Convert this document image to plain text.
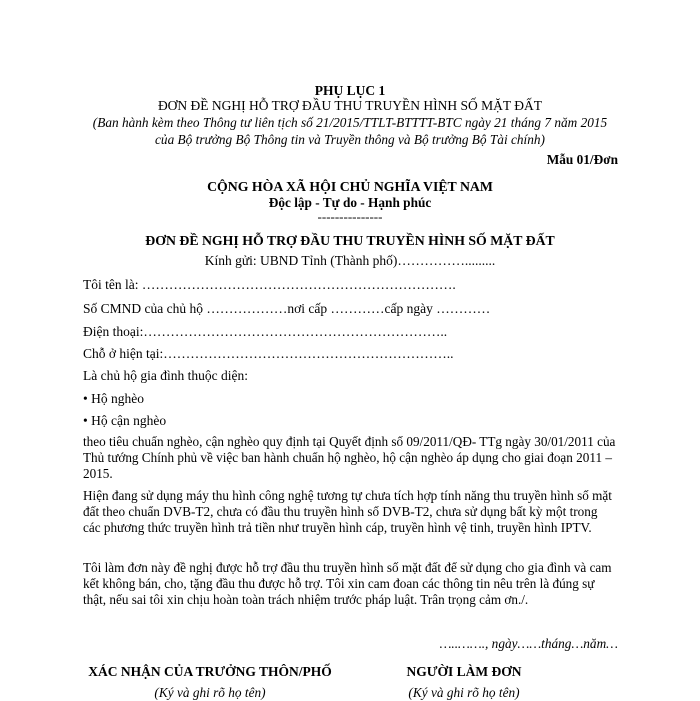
PHỤ LỤC 1
ĐƠN ĐỀ NGHỊ HỖ TRỢ ĐẦU THU TRUYỀN HÌNH SỐ MẶT ĐẤT
(Ban hành kèm theo Thông tư liên tịch số 21/2015/TTLT-BTTTT-BTC ngày 21 tháng 7 năm 2015
của Bộ trưởng Bộ Thông tin và Truyền thông và Bộ trưởng Bộ Tài chính)
Mẫu 01/Đơn
CỘNG HÒA XÃ HỘI CHỦ NGHĨA VIỆT NAM
Độc lập - Tự do - Hạnh phúc
---------------
ĐƠN ĐỀ NGHỊ HỖ TRỢ ĐẦU THU TRUYỀN HÌNH SỐ MẶT ĐẤT
Kính gửi: UBND Tỉnh (Thành phố)…………….........
Tôi tên là: …………………………………………………………….
Số CMND của chủ hộ ………………nơi cấp …………cấp ngày …………
Điện thoại:…………………………………………………………..
Chỗ ở hiện tại:………………………………………………………..
Là chủ hộ gia đình thuộc diện:
• Hộ nghèo
• Hộ cận nghèo
theo tiêu chuẩn nghèo, cận nghèo quy định tại Quyết định số 09/2011/QĐ- TTg ngày 30/01/2011 của Thủ tướng Chính phủ về việc ban hành chuẩn hộ nghèo, hộ cận nghèo áp dụng cho giai đoạn 2011 – 2015.
Hiện đang sử dụng máy thu hình công nghệ tương tự chưa tích hợp tính năng thu truyền hình số mặt đất theo chuẩn DVB-T2, chưa có đầu thu truyền hình số DVB-T2, chưa sử dụng bất kỳ một trong các phương thức truyền hình trả tiền như truyền hình cáp, truyền hình vệ tinh, truyền hình IPTV.
Tôi làm đơn này đề nghị được hỗ trợ đầu thu truyền hình số mặt đất để sử dụng cho gia đình và cam kết không bán, cho, tặng đầu thu được hỗ trợ. Tôi xin cam đoan các thông tin nêu trên là đúng sự thật, nếu sai tôi xin chịu hoàn toàn trách nhiệm trước pháp luật. Trân trọng cảm ơn./.
…..……., ngày……tháng…năm…
XÁC NHẬN CỦA TRƯỞNG THÔN/PHỐ
(Ký và ghi rõ họ tên)
NGƯỜI LÀM ĐƠN
(Ký và ghi rõ họ tên)
